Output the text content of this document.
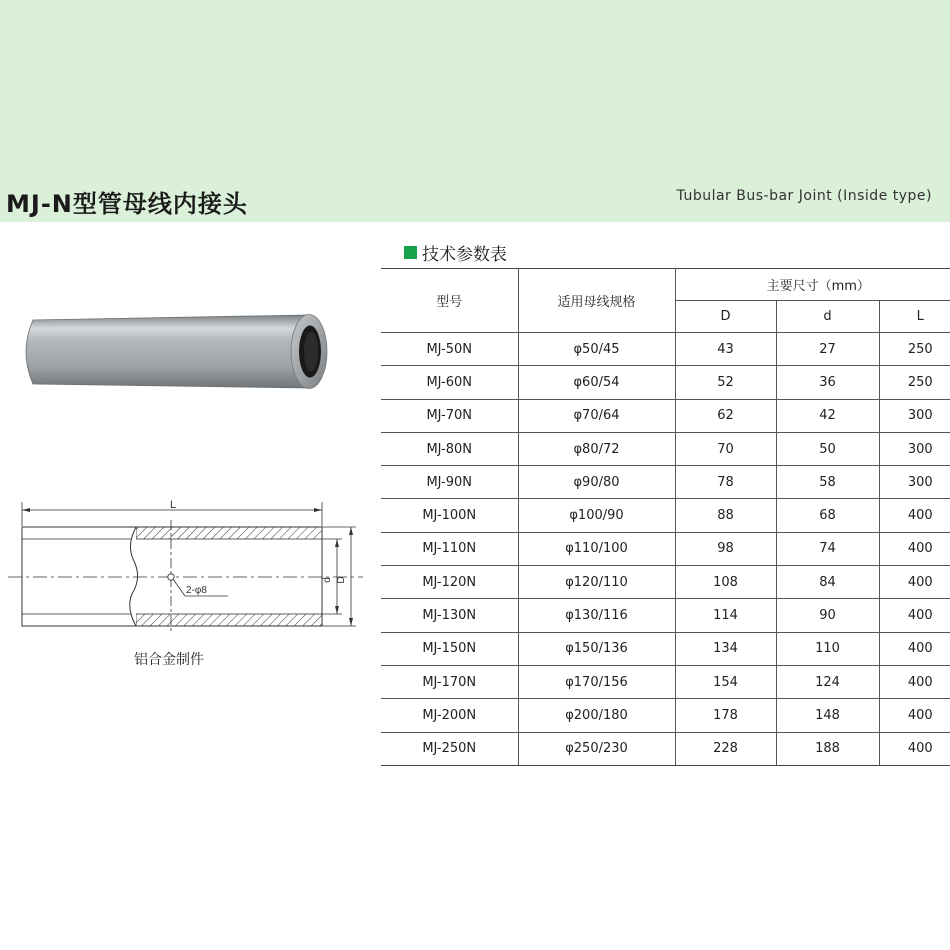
MJ-N型管母线内接头	Tubular Bus-bar Joint (Inside type)
技术参数表
L
2-φ8
d D
铝合金制件
型号	适用母线规格	主要尺寸（mm）		
		D	d	L
MJ-50N	φ50/45	43	27	250
MJ-60N	φ60/54	52	36	250
MJ-70N	φ70/64	62	42	300
MJ-80N	φ80/72	70	50	300
MJ-90N	φ90/80	78	58	300
MJ-100N	φ100/90	88	68	400
MJ-110N	φ110/100	98	74	400
MJ-120N	φ120/110	108	84	400
MJ-130N	φ130/116	114	90	400
MJ-150N	φ150/136	134	110	400
MJ-170N	φ170/156	154	124	400
MJ-200N	φ200/180	178	148	400
MJ-250N	φ250/230	228	188	400
